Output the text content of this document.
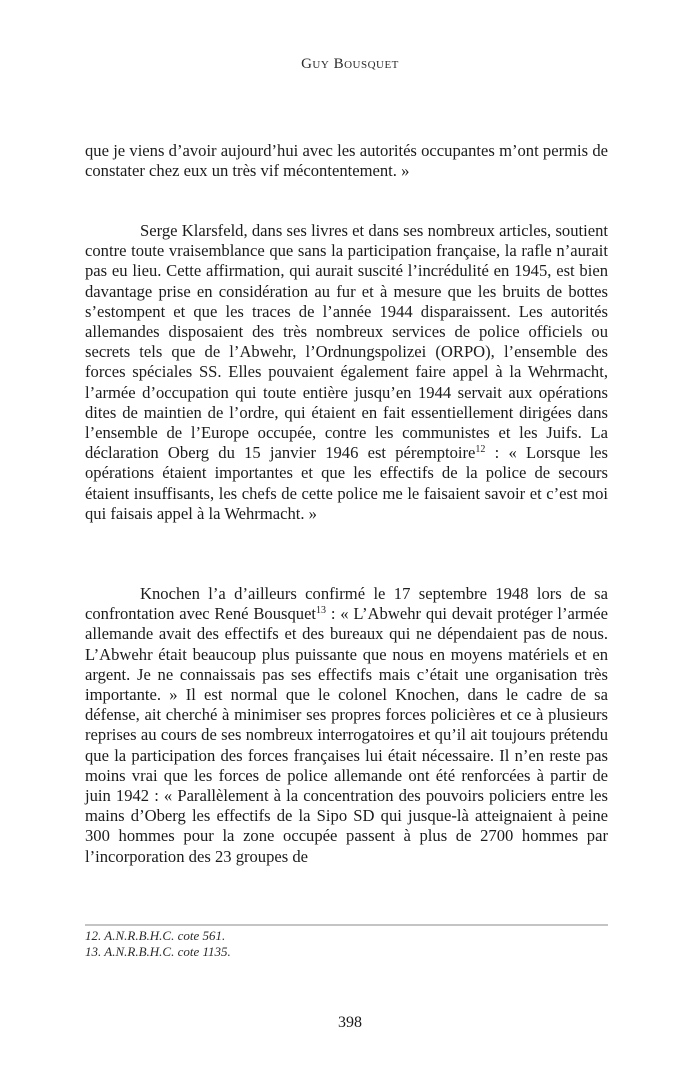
Guy Bousquet

que je viens d’avoir aujourd’hui avec les autorités occupantes m’ont permis de constater chez eux un très vif mécontentement. »

Serge Klarsfeld, dans ses livres et dans ses nombreux articles, soutient contre toute vraisemblance que sans la participation française, la rafle n’aurait pas eu lieu. Cette affirmation, qui aurait suscité l’incrédulité en 1945, est bien davantage prise en considération au fur et à mesure que les bruits de bottes s’estompent et que les traces de l’année 1944 disparaissent. Les autorités allemandes disposaient des très nombreux services de police officiels ou secrets tels que de l’Abwehr, l’Ordnungspolizei (ORPO), l’ensemble des forces spéciales SS. Elles pouvaient également faire appel à la Wehrmacht, l’armée d’occupation qui toute entière jusqu’en 1944 servait aux opérations dites de maintien de l’ordre, qui étaient en fait essentiellement dirigées dans l’ensemble de l’Europe occupée, contre les communistes et les Juifs. La déclaration Oberg du 15 janvier 1946 est péremptoire$^{12}$ : « Lorsque les opérations étaient importantes et que les effectifs de la police de secours étaient insuffisants, les chefs de cette police me le faisaient savoir et c’est moi qui faisais appel à la Wehrmacht. »

Knochen l’a d’ailleurs confirmé le 17 septembre 1948 lors de sa confrontation avec René Bousquet$^{13}$ : « L’Abwehr qui devait protéger l’armée allemande avait des effectifs et des bureaux qui ne dépendaient pas de nous. L’Abwehr était beaucoup plus puissante que nous en moyens matériels et en argent. Je ne connaissais pas ses effectifs mais c’était une organisation très importante. » Il est normal que le colonel Knochen, dans le cadre de sa défense, ait cherché à minimiser ses propres forces policières et ce à plusieurs reprises au cours de ses nombreux interrogatoires et qu’il ait toujours prétendu que la participation des forces françaises lui était nécessaire. Il n’en reste pas moins vrai que les forces de police allemande ont été renforcées à partir de juin 1942 : « Parallèlement à la concentration des pouvoirs policiers entre les mains d’Oberg les effectifs de la Sipo SD qui jusque-là atteignaient à peine 300 hommes pour la zone occupée passent à plus de 2700 hommes par l’incorporation des 23 groupes de

12. A.N.R.B.H.C. cote 561.
13. A.N.R.B.H.C. cote 1135.
398
